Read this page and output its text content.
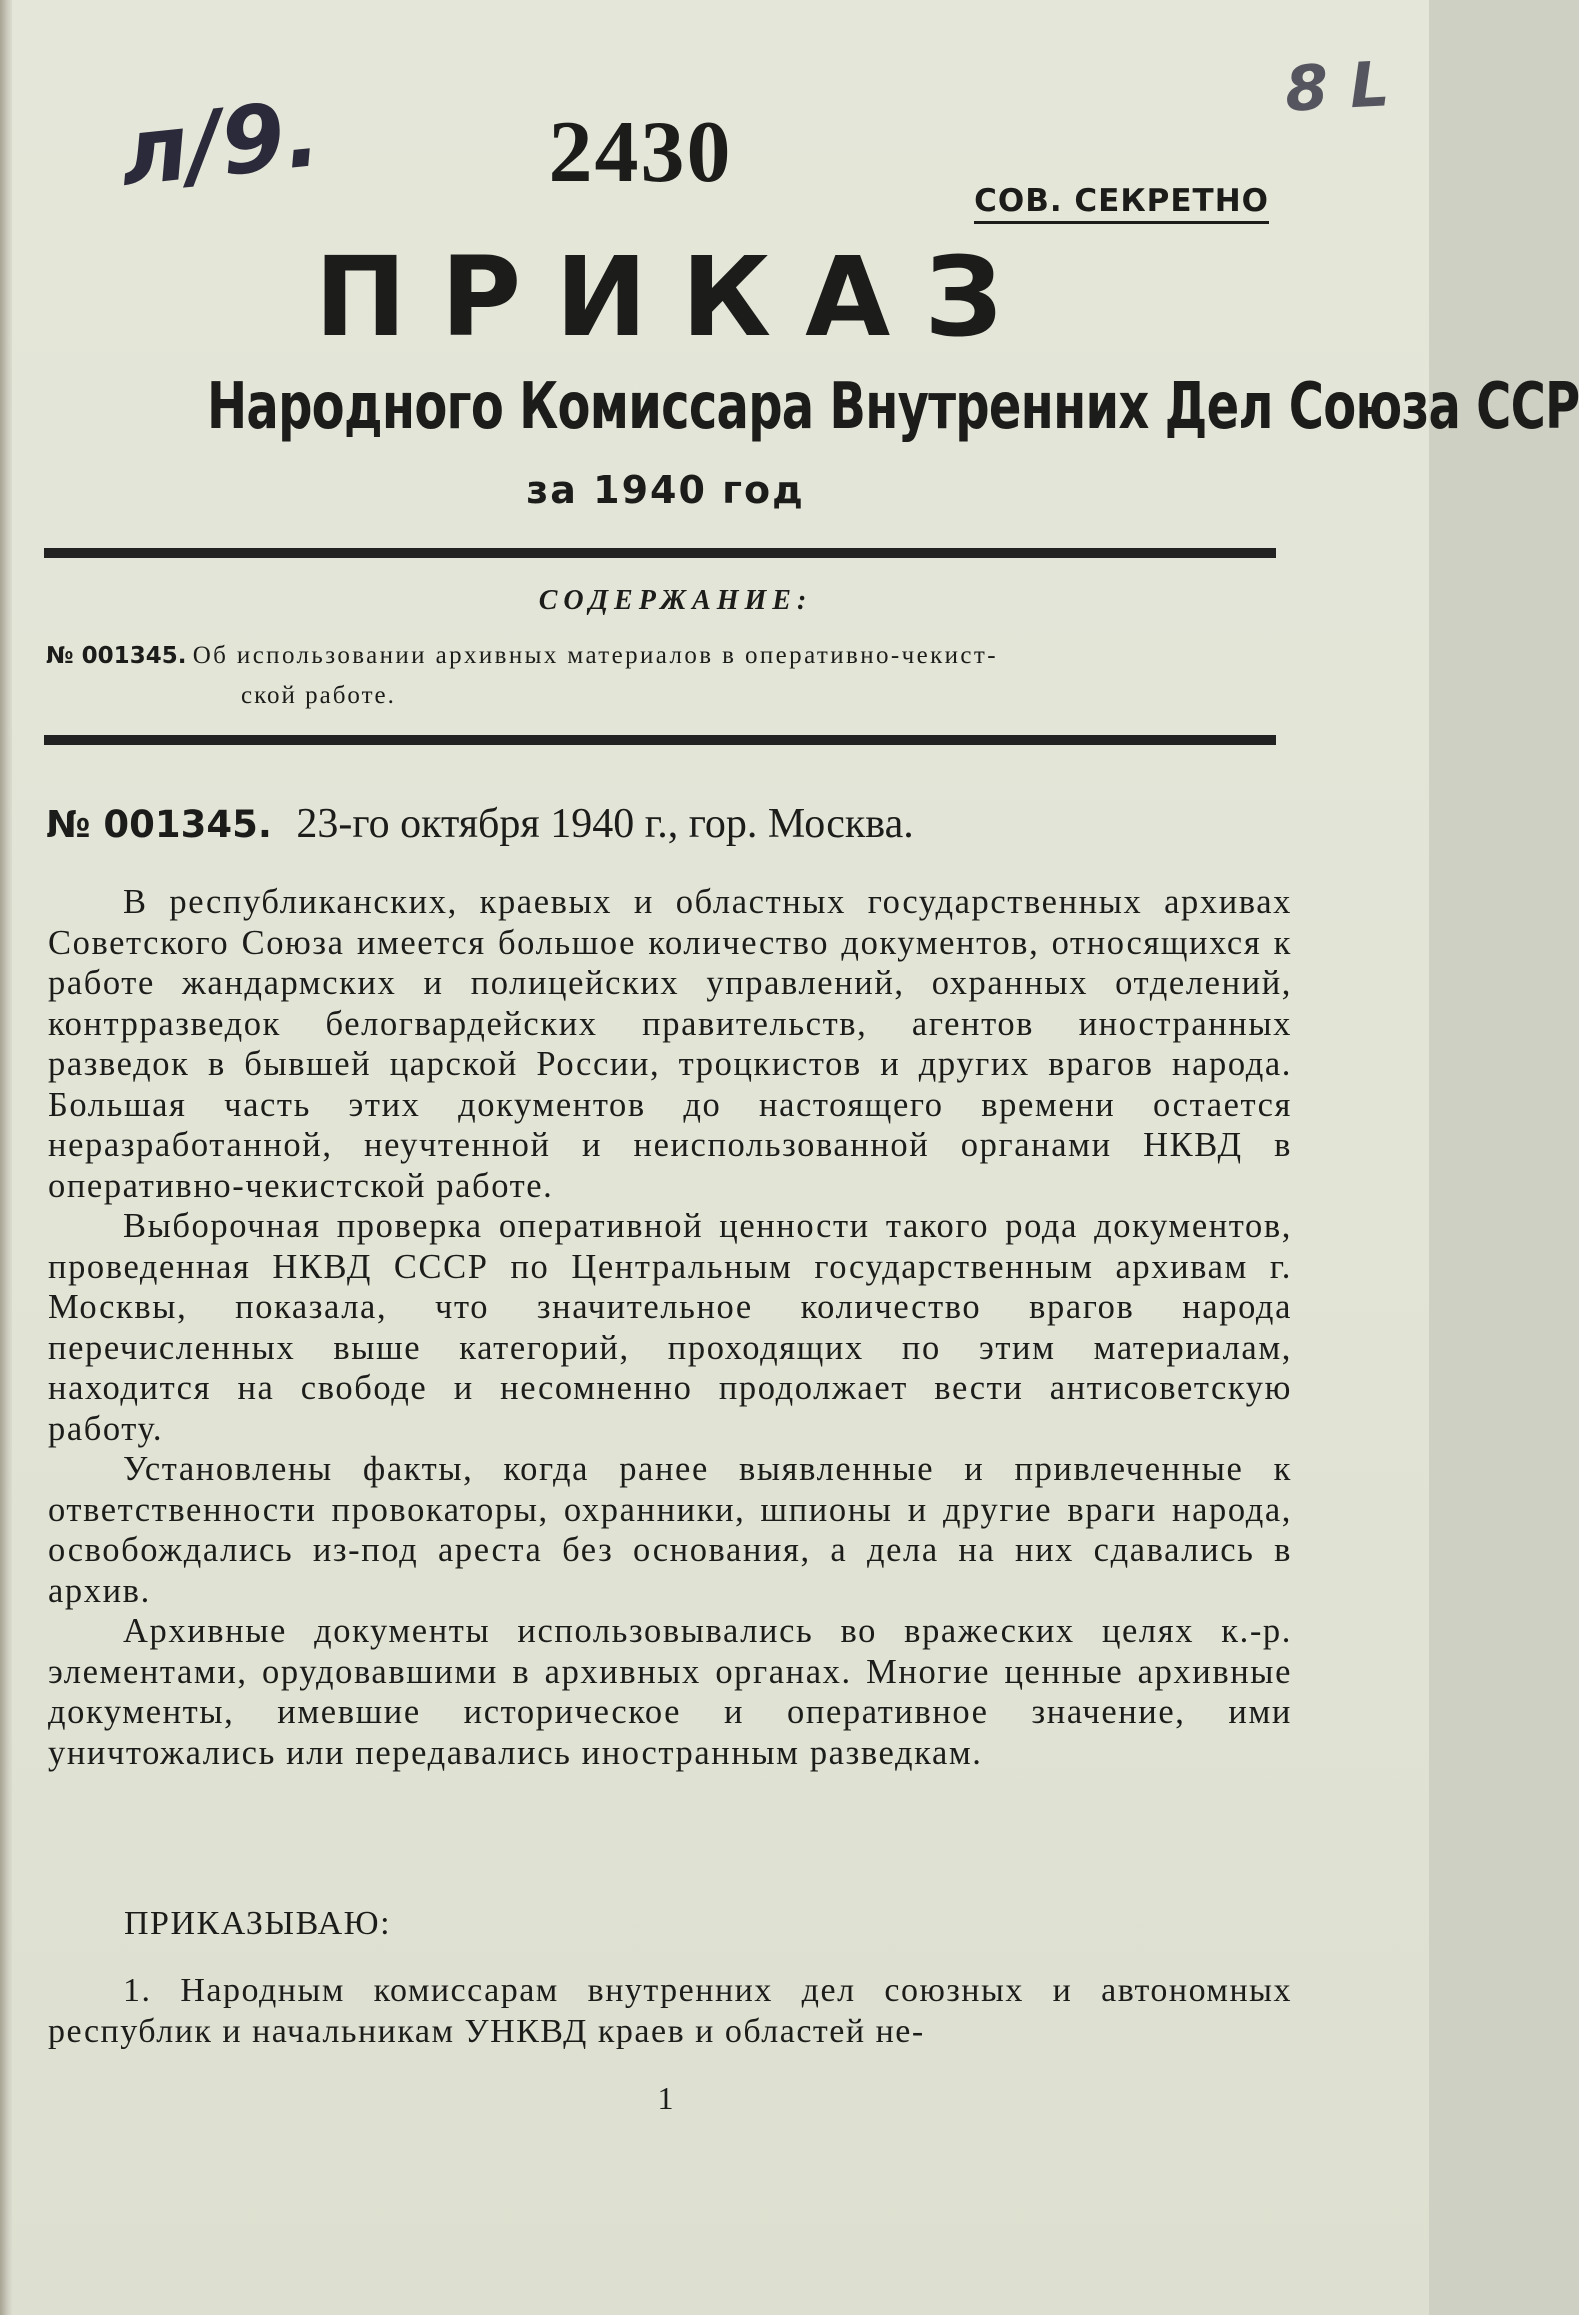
л/9.	8 L
2430	СОВ. СЕКРЕТНО
ПРИКАЗ
Народного Комиссара Внутренних Дел Союза ССР
за 1940 год
СОДЕРЖАНИЕ:
№ 001345. Об использовании архивных материалов в оперативно-чекист-
ской работе.
№ 001345. 23-го октября 1940 г., гор. Москва.

В республиканских, краевых и областных государственных архивах Советского Союза имеется большое количество документов, относящихся к работе жандармских и полицейских управлений, охранных отделений, контрразведок белогвардейских правительств, агентов иностранных разведок в бывшей царской России, троцкистов и других врагов народа. Большая часть этих документов до настоящего времени остается неразработанной, неучтенной и неиспользованной органами НКВД в оперативно-чекистской работе.

Выборочная проверка оперативной ценности такого рода документов, проведенная НКВД СССР по Центральным государственным архивам г. Москвы, показала, что значительное количество врагов народа перечисленных выше категорий, проходящих по этим материалам, находится на свободе и несомненно продолжает вести антисоветскую работу.

Установлены факты, когда ранее выявленные и привлеченные к ответственности провокаторы, охранники, шпионы и другие враги народа, освобождались из-под ареста без основания, а дела на них сдавались в архив.

Архивные документы использовывались во вражеских целях к.-р. элементами, орудовавшими в архивных органах. Многие ценные архивные документы, имевшие историческое и оперативное значение, ими уничтожались или передавались иностранным разведкам.

ПРИКАЗЫВАЮ:

1. Народным комиссарам внутренних дел союзных и автономных республик и начальникам УНКВД краев и областей не-

1
